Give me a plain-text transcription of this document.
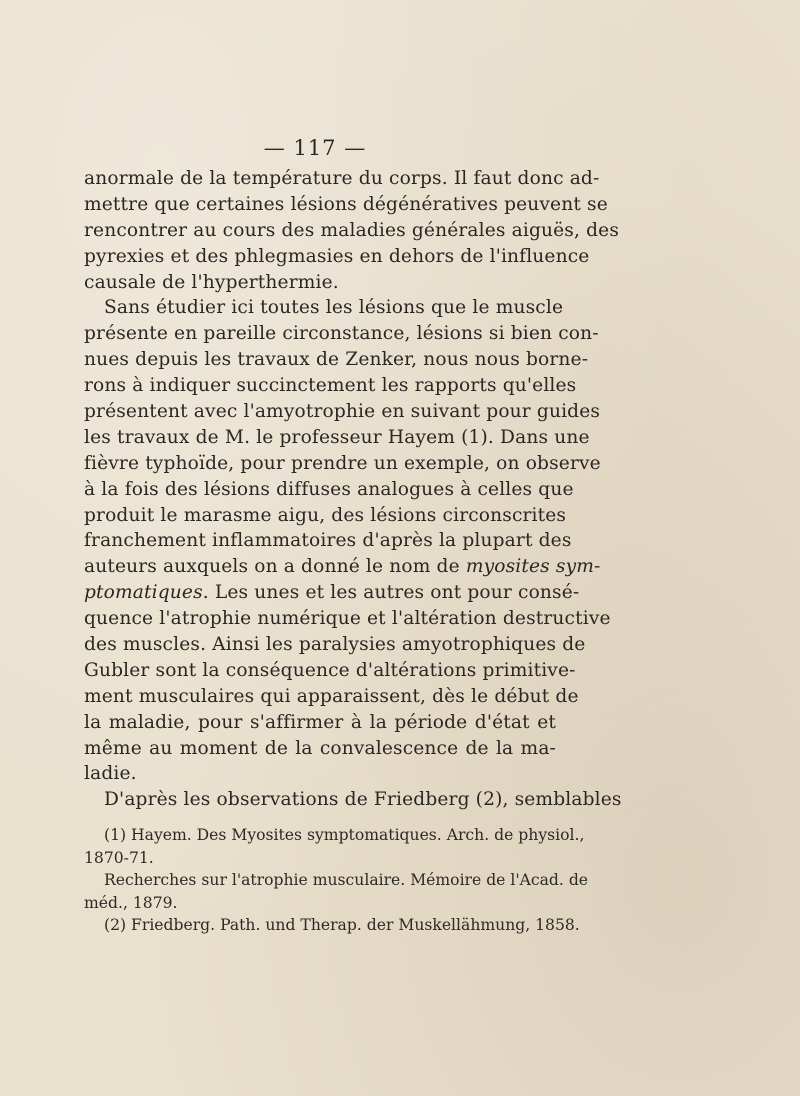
— 117 —
anormale de la température du corps. Il faut donc ad-
mettre que certaines lésions dégénératives peuvent se
rencontrer au cours des maladies générales aiguës, des
pyrexies et des phlegmasies en dehors de l'influence
causale de l'hyperthermie.
Sans étudier ici toutes les lésions que le muscle
présente en pareille circonstance, lésions si bien con-
nues depuis les travaux de Zenker, nous nous borne-
rons à indiquer succinctement les rapports qu'elles
présentent avec l'amyotrophie en suivant pour guides
les travaux de M. le professeur Hayem (1). Dans une
fièvre typhoïde, pour prendre un exemple, on observe
à la fois des lésions diffuses analogues à celles que
produit le marasme aigu, des lésions circonscrites
franchement inflammatoires d'après la plupart des
auteurs auxquels on a donné le nom de myosites sym-
ptomatiques. Les unes et les autres ont pour consé-
quence l'atrophie numérique et l'altération destructive
des muscles. Ainsi les paralysies amyotrophiques de
Gubler sont la conséquence d'altérations primitive-
ment musculaires qui apparaissent, dès le début de
la maladie, pour s'affirmer à la période d'état et
même au moment de la convalescence de la ma-
ladie.
D'après les observations de Friedberg (2), semblables
(1) Hayem. Des Myosites symptomatiques. Arch. de physiol.,
1870-71.
Recherches sur l'atrophie musculaire. Mémoire de l'Acad. de
méd., 1879.
(2) Friedberg. Path. und Therap. der Muskellähmung, 1858.
